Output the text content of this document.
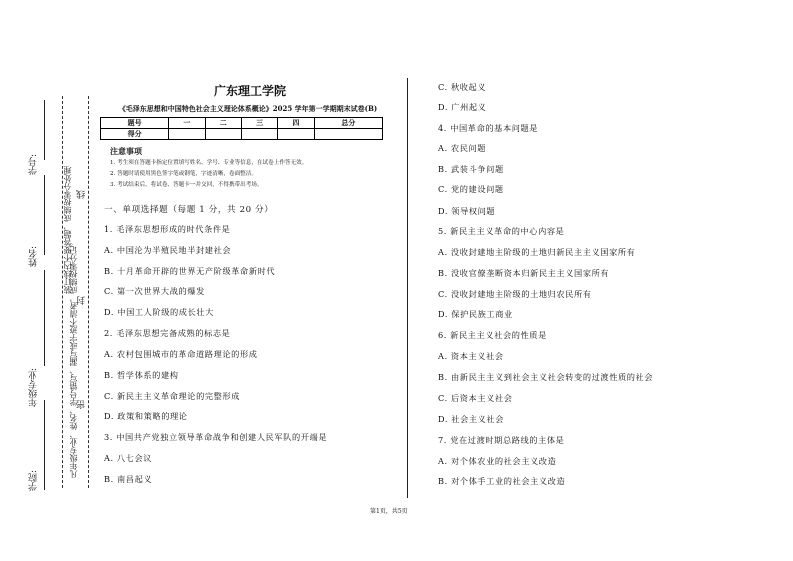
学号:
姓名:
年级专业:
学院:
装订线内不要答题，成绩按零分处理
凡年级专业、姓名、学号错写、漏写或字迹不清者，成绩按零分记。 密
封
线
广东理工学院
《毛泽东思想和中国特色社会主义理论体系概论》2025 学年第一学期期末试卷(B)
题号	一	二	三	四	总分
得分					
注意事项
1. 考生须在答题卡指定位置填写姓名、学号、专业等信息，在试卷上作答无效。
2. 答题时请使用黑色签字笔或钢笔，字迹清晰，卷面整洁。
3. 考试结束后，将试卷、答题卡一并交回，不得携带出考场。
一、单项选择题（每题 1 分，共 20 分）
1. 毛泽东思想形成的时代条件是
A. 中国沦为半殖民地半封建社会
B. 十月革命开辟的世界无产阶级革命新时代
C. 第一次世界大战的爆发
D. 中国工人阶级的成长壮大
2. 毛泽东思想完备成熟的标志是
A. 农村包围城市的革命道路理论的形成
B. 哲学体系的建构
C. 新民主主义革命理论的完整形成
D. 政策和策略的理论
3. 中国共产党独立领导革命战争和创建人民军队的开端是
A. 八七会议
B. 南昌起义
C. 秋收起义
D. 广州起义
4. 中国革命的基本问题是
A. 农民问题
B. 武装斗争问题
C. 党的建设问题
D. 领导权问题
5. 新民主主义革命的中心内容是
A. 没收封建地主阶级的土地归新民主主义国家所有
B. 没收官僚垄断资本归新民主主义国家所有
C. 没收封建地主阶级的土地归农民所有
D. 保护民族工商业
6. 新民主主义社会的性质是
A. 资本主义社会
B. 由新民主主义到社会主义社会转变的过渡性质的社会
C. 后资本主义社会
D. 社会主义社会
7. 党在过渡时期总路线的主体是
A. 对个体农业的社会主义改造
B. 对个体手工业的社会主义改造
第1页，共5页
